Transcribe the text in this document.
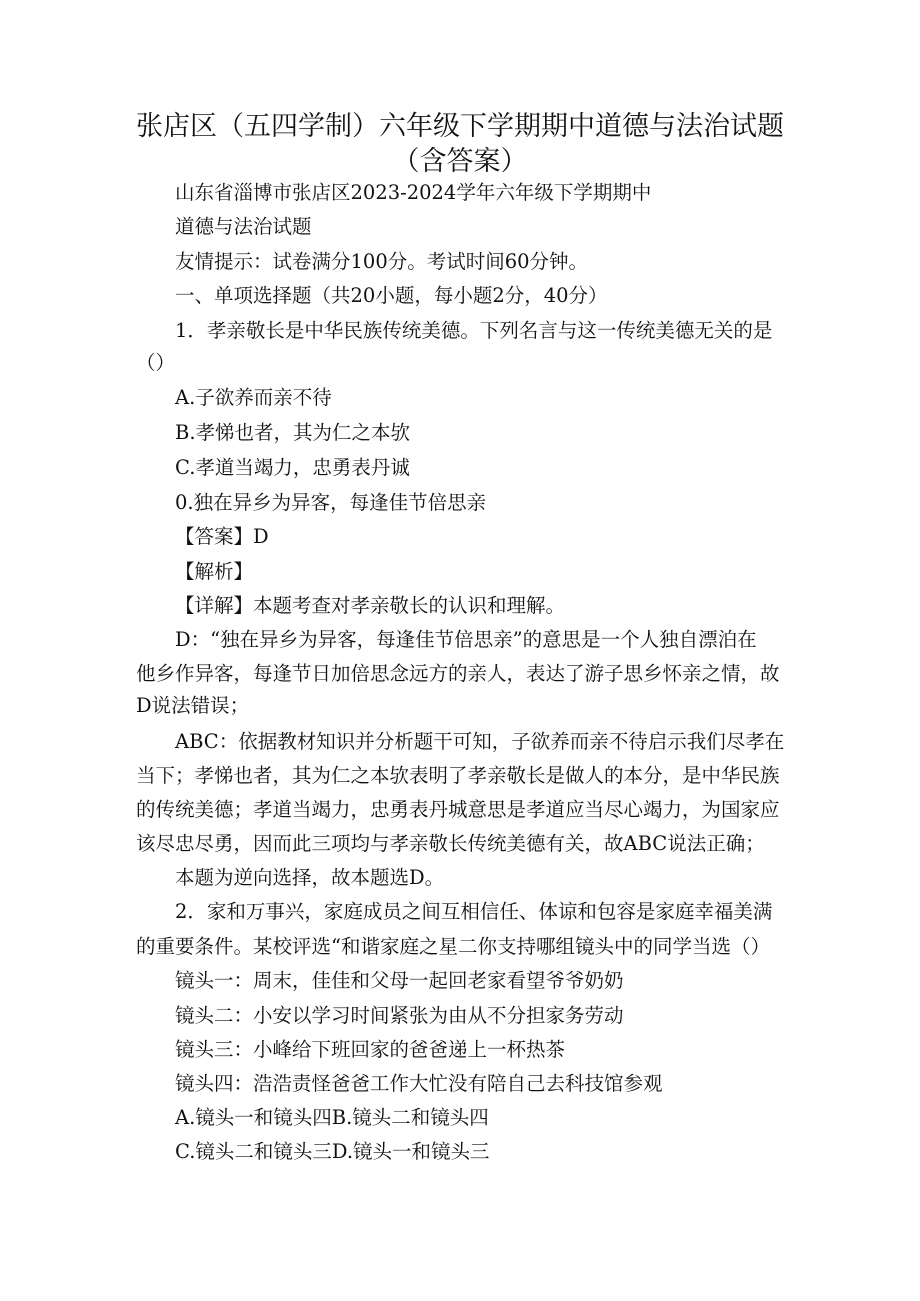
张店区（五四学制）六年级下学期期中道德与法治试题
（含答案）
山东省淄博市张店区2023-2024学年六年级下学期期中
道德与法治试题
友情提示：试卷满分100分。考试时间60分钟。
一、单项选择题（共20小题，每小题2分，40分）
1．孝亲敬长是中华民族传统美德。下列名言与这一传统美德无关的是
（）
A.子欲养而亲不待
B.孝悌也者，其为仁之本欤
C.孝道当竭力，忠勇表丹诚
0.独在异乡为异客，每逢佳节倍思亲
【答案】D
【解析】
【详解】本题考查对孝亲敬长的认识和理解。
D：“独在异乡为异客，每逢佳节倍思亲”的意思是一个人独自漂泊在
他乡作异客，每逢节日加倍思念远方的亲人，表达了游子思乡怀亲之情，故
D说法错误；
ABC：依据教材知识并分析题干可知，子欲养而亲不待启示我们尽孝在
当下；孝悌也者，其为仁之本欤表明了孝亲敬长是做人的本分，是中华民族
的传统美德；孝道当竭力，忠勇表丹城意思是孝道应当尽心竭力，为国家应
该尽忠尽勇，因而此三项均与孝亲敬长传统美德有关，故ABC说法正确；
本题为逆向选择，故本题选D。
2．家和万事兴，家庭成员之间互相信任、体谅和包容是家庭幸福美满
的重要条件。某校评选“和谐家庭之星二你支持哪组镜头中的同学当选（）
镜头一：周末，佳佳和父母一起回老家看望爷爷奶奶
镜头二：小安以学习时间紧张为由从不分担家务劳动
镜头三：小峰给下班回家的爸爸递上一杯热茶
镜头四：浩浩责怪爸爸工作大忙没有陪自己去科技馆参观
A.镜头一和镜头四B.镜头二和镜头四
C.镜头二和镜头三D.镜头一和镜头三
